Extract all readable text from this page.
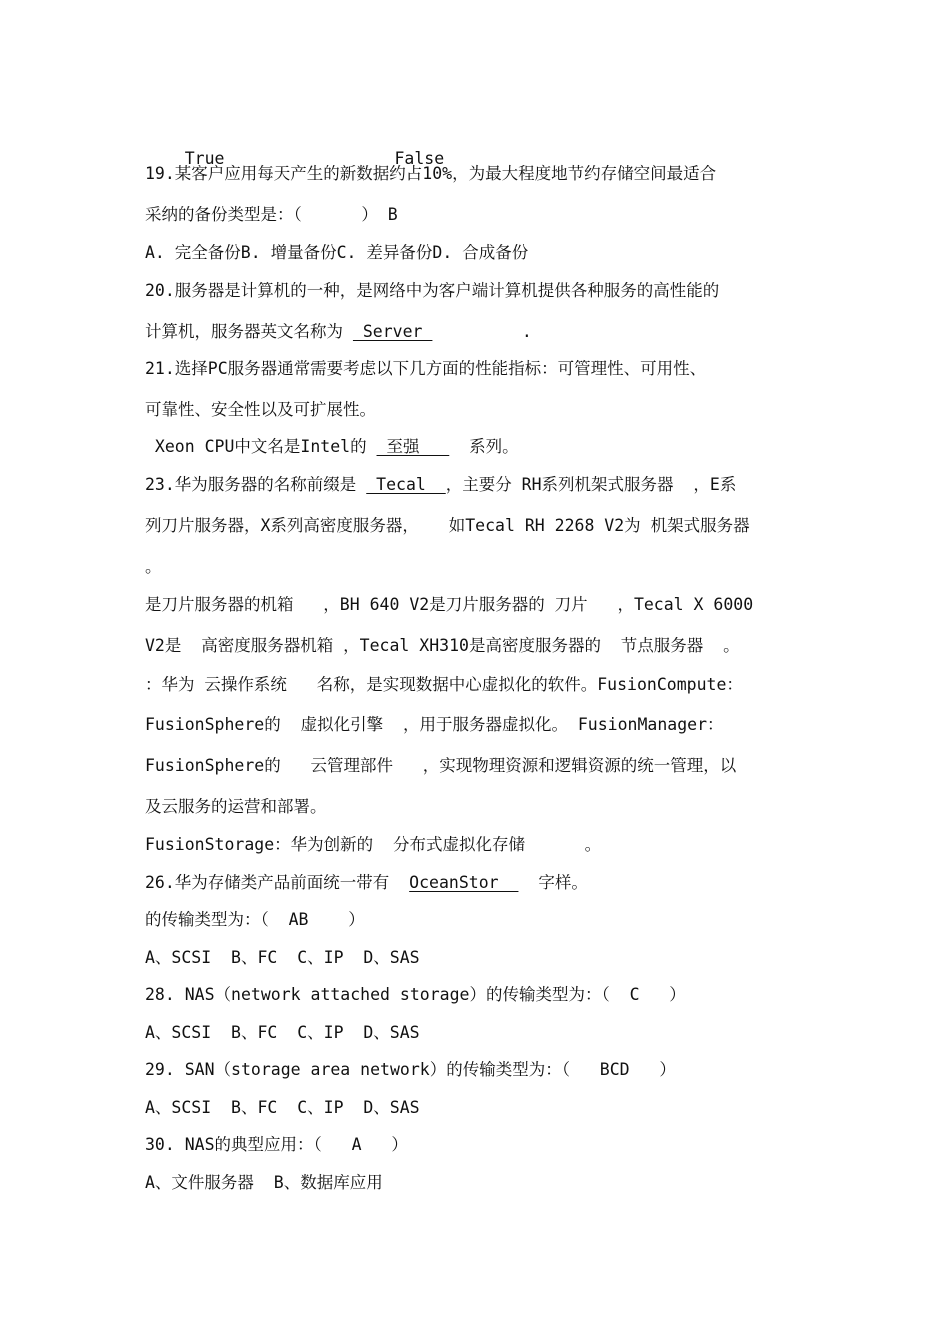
True	False

19.某客户应用每天产生的新数据约占10%，为最大程度地节约存储空间最适合
采纳的备份类型是：（      ） B
A. 完全备份B. 增量备份C. 差异备份D. 合成备份
20.服务器是计算机的一种，是网络中为客户端计算机提供各种服务的高性能的
计算机，服务器英文名称为  Server          .
21.选择PC服务器通常需要考虑以下几方面的性能指标：可管理性、可用性、
可靠性、安全性以及可扩展性。
Xeon CPU中文名是Intel的  至强     系列。
23.华为服务器的名称前缀是  Tecal  ，主要分 RH系列机架式服务器  ，E系
列刀片服务器，X系列高密度服务器，   如Tecal RH 2268 V2为 机架式服务器
。
是刀片服务器的机箱   ，BH 640 V2是刀片服务器的 刀片   ，Tecal X 6000
V2是  高密度服务器机箱 ，Tecal XH310是高密度服务器的  节点服务器  。
：华为 云操作系统   名称，是实现数据中心虚拟化的软件。FusionCompute：
FusionSphere的  虚拟化引擎  ，用于服务器虚拟化。 FusionManager：
FusionSphere的   云管理部件   ，实现物理资源和逻辑资源的统一管理，以
及云服务的运营和部署。
FusionStorage：华为创新的  分布式虚拟化存储      。
26.华为存储类产品前面统一带有  OceanStor    字样。
的传输类型为：（  AB    ）
A、SCSI  B、FC  C、IP  D、SAS
28. NAS（network attached storage）的传输类型为：（  C   ）
A、SCSI  B、FC  C、IP  D、SAS
29. SAN（storage area network）的传输类型为：（   BCD   ）
A、SCSI  B、FC  C、IP  D、SAS
30. NAS的典型应用：（   A   ）
A、文件服务器  B、数据库应用
